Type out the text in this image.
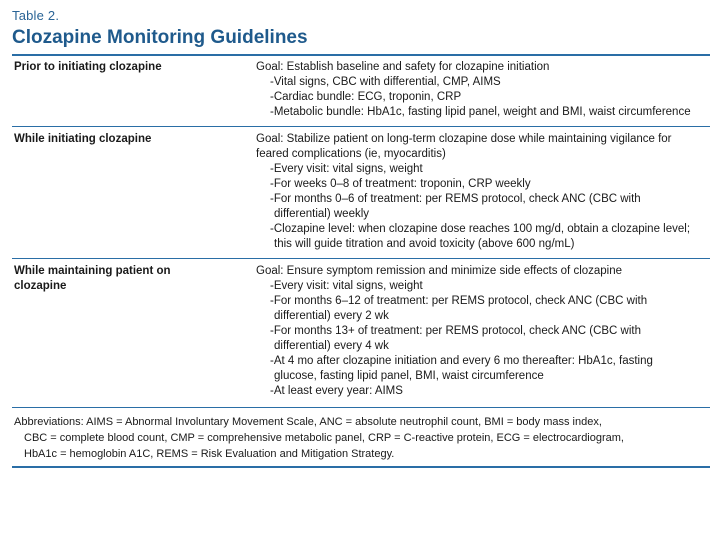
Table 2.
Clozapine Monitoring Guidelines
Prior to initiating clozapine	Goal: Establish baseline and safety for clozapine initiation
-Vital signs, CBC with differential, CMP, AIMS
-Cardiac bundle: ECG, troponin, CRP
-Metabolic bundle: HbA1c, fasting lipid panel, weight and BMI, waist circumference
While initiating clozapine	Goal: Stabilize patient on long-term clozapine dose while maintaining vigilance for
feared complications (ie, myocarditis)
-Every visit: vital signs, weight
-For weeks 0–8 of treatment: troponin, CRP weekly
-For months 0–6 of treatment: per REMS protocol, check ANC (CBC with
differential) weekly
-Clozapine level: when clozapine dose reaches 100 mg/d, obtain a clozapine level;
this will guide titration and avoid toxicity (above 600 ng/mL)
While maintaining patient on
clozapine
Goal: Ensure symptom remission and minimize side effects of clozapine
-Every visit: vital signs, weight
-For months 6–12 of treatment: per REMS protocol, check ANC (CBC with
differential) every 2 wk
-For months 13+ of treatment: per REMS protocol, check ANC (CBC with
differential) every 4 wk
-At 4 mo after clozapine initiation and every 6 mo thereafter: HbA1c, fasting
glucose, fasting lipid panel, BMI, waist circumference
-At least every year: AIMS
Abbreviations: AIMS = Abnormal Involuntary Movement Scale, ANC = absolute neutrophil count, BMI = body mass index,
CBC = complete blood count, CMP = comprehensive metabolic panel, CRP = C-reactive protein, ECG = electrocardiogram,
HbA1c = hemoglobin A1C, REMS = Risk Evaluation and Mitigation Strategy.
